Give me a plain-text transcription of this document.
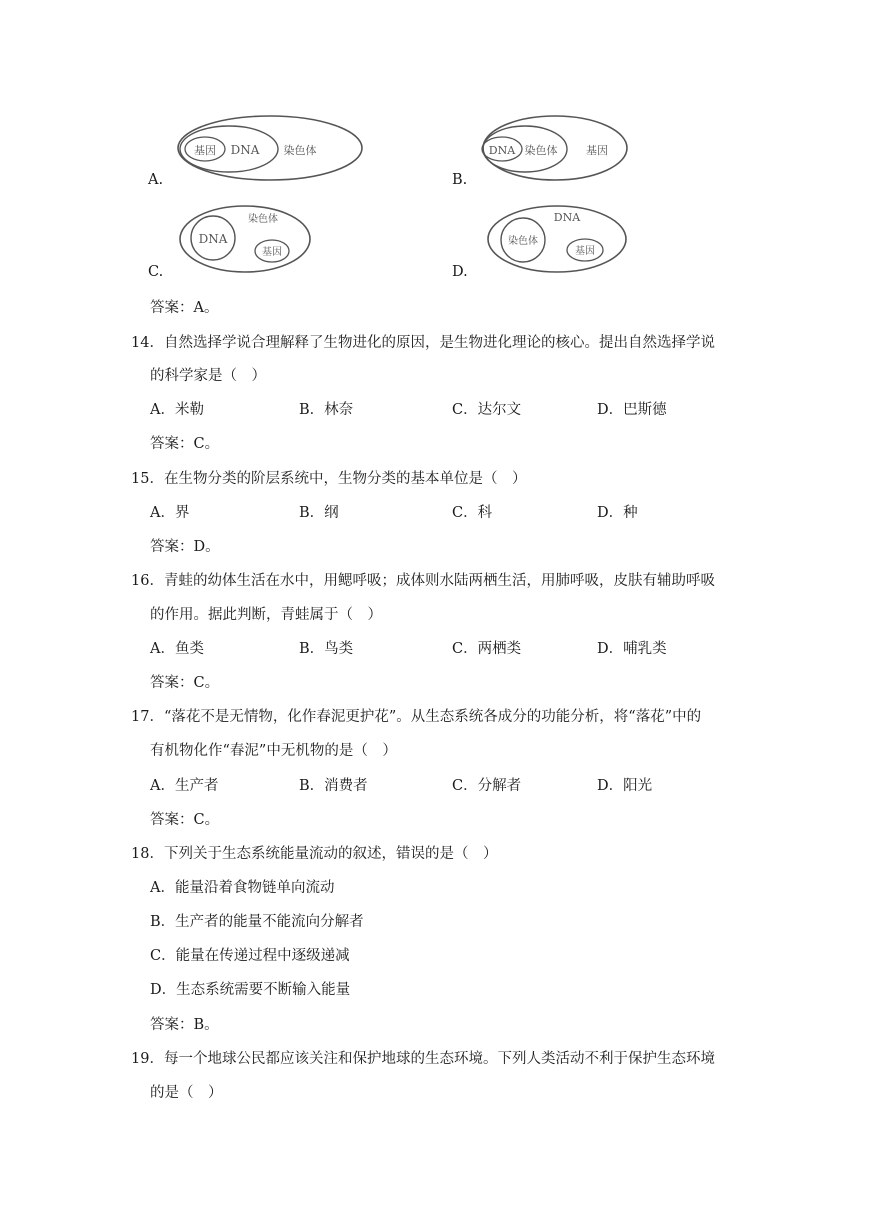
基因 DNA 染色体
A.
DNA 染色体	基因
B.
DNA
基因
染色体
C.
染色体
基因
DNA
D.
答案：A。
14．自然选择学说合理解释了生物进化的原因，是生物进化理论的核心。提出自然选择学说
的科学家是（　）
A．米勒	B．林奈	C．达尔文	D．巴斯德
答案：C。
15．在生物分类的阶层系统中，生物分类的基本单位是（　）
A．界	B．纲	C．科	D．种
答案：D。
16．青蛙的幼体生活在水中，用鳃呼吸；成体则水陆两栖生活，用肺呼吸，皮肤有辅助呼吸
的作用。据此判断，青蛙属于（　）
A．鱼类	B．鸟类	C．两栖类	D．哺乳类
答案：C。
17．“落花不是无情物，化作春泥更护花”。从生态系统各成分的功能分析，将“落花”中的
有机物化作“春泥”中无机物的是（　）
A．生产者	B．消费者	C．分解者	D．阳光
答案：C。
18．下列关于生态系统能量流动的叙述，错误的是（　）
A．能量沿着食物链单向流动
B．生产者的能量不能流向分解者
C．能量在传递过程中逐级递减
D．生态系统需要不断输入能量
答案：B。
19．每一个地球公民都应该关注和保护地球的生态环境。下列人类活动不利于保护生态环境
的是（　）
